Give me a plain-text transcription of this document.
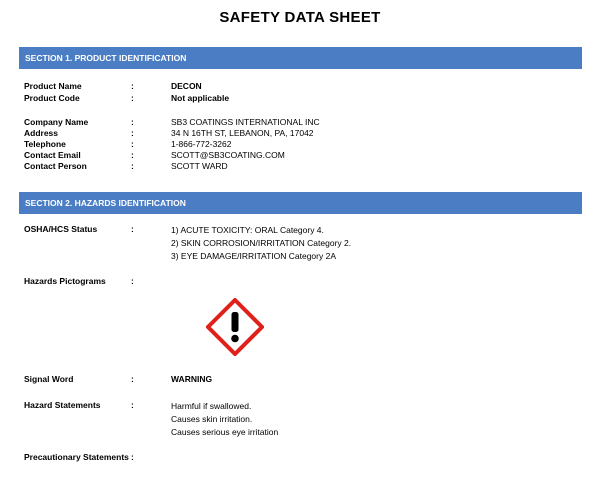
SAFETY DATA SHEET
SECTION 1. PRODUCT IDENTIFICATION
Product Name	:	DECON
Product Code	:	Not applicable
Company Name	:	SB3 COATINGS INTERNATIONAL INC
Address	:	34 N 16TH ST, LEBANON, PA, 17042
Telephone	:	1-866-772-3262
Contact Email	:	SCOTT@SB3COATING.COM
Contact Person	:	SCOTT WARD
SECTION 2. HAZARDS IDENTIFICATION
OSHA/HCS Status	:	1) ACUTE TOXICITY: ORAL Category 4.
2) SKIN CORROSION/IRRITATION Category 2.
3) EYE DAMAGE/IRRITATION Category 2A
Hazards Pictograms	:
Signal Word	:	WARNING
Hazard Statements	:	Harmful if swallowed.
Causes skin irritation.
Causes serious eye irritation
Precautionary Statements :
